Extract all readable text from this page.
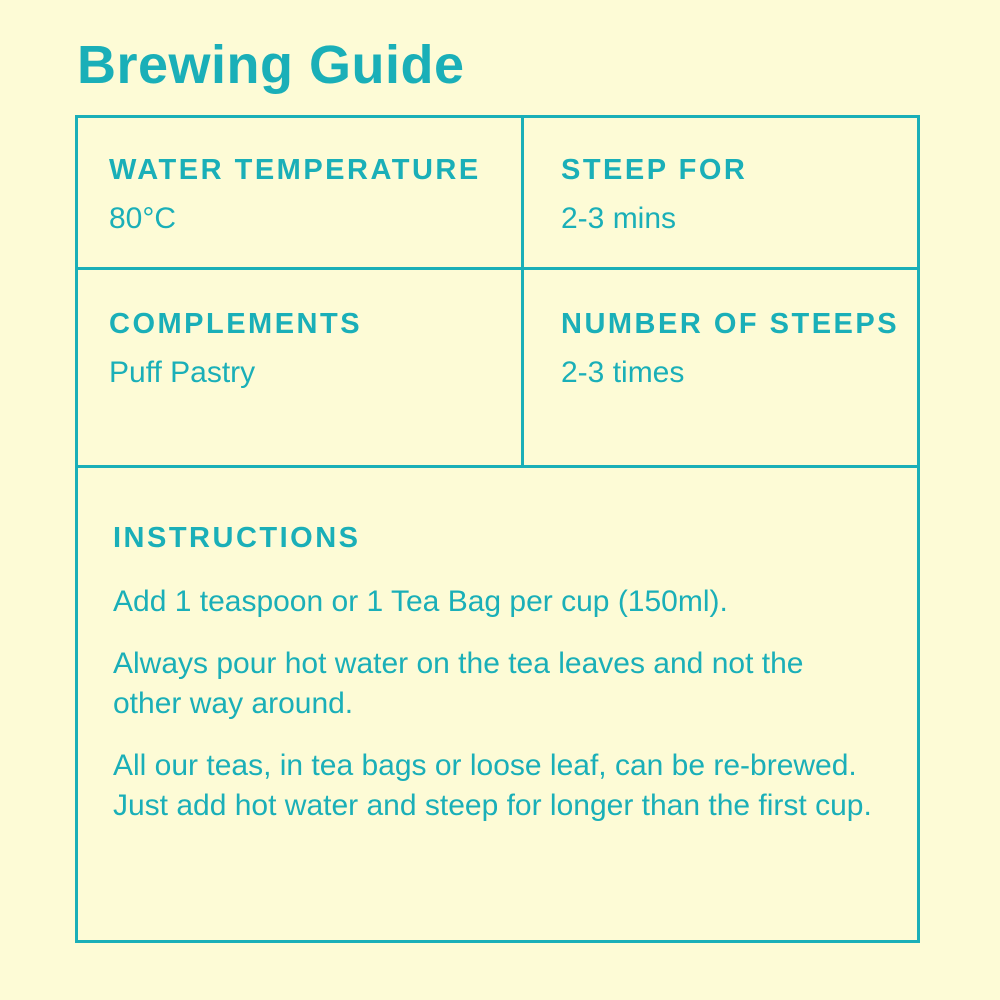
Brewing Guide
WATER TEMPERATURE
80°C
STEEP FOR
2-3 mins
COMPLEMENTS
Puff Pastry
NUMBER OF STEEPS
2-3 times
INSTRUCTIONS

Add 1 teaspoon or 1 Tea Bag per cup (150ml).

Always pour hot water on the tea leaves and not the other way around.

All our teas, in tea bags or loose leaf, can be re-brewed. Just add hot water and steep for longer than the first cup.
